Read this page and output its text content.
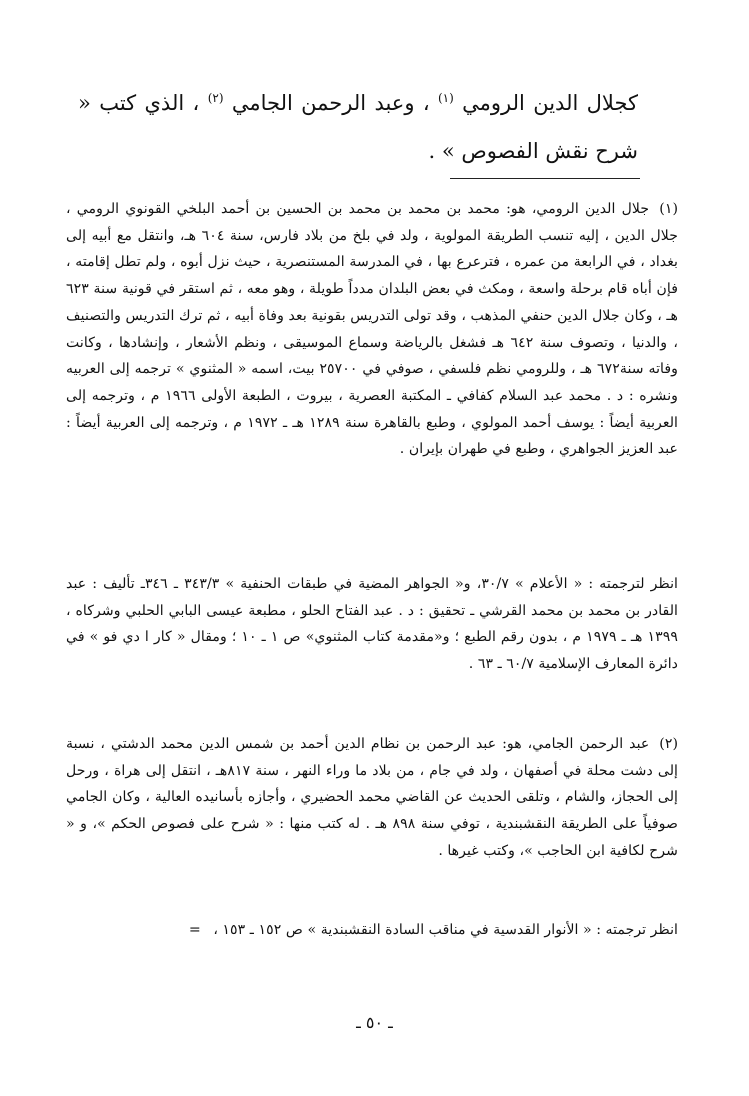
كجلال الدين الرومي $^{(١)}$ ، وعبد الرحمن الجامي $^{(٢)}$ ، الذي كتب « شرح نقش الفصوص » .
(١) جلال الدين الرومي، هو: محمد بن محمد بن محمد بن الحسين بن أحمد البلخي القونوي الرومي ، جلال الدين ، إليه تنسب الطريقة المولوية ، ولد في بلخ من بلاد فارس، سنة ٦٠٤ هـ، وانتقل مع أبيه إلى بغداد ، في الرابعة من عمره ، فترعرع بها ، في المدرسة المستنصرية ، حيث نزل أبوه ، ولم تطل إقامته ، فإن أباه قام برحلة واسعة ، ومكث في بعض البلدان مدداً طويلة ، وهو معه ، ثم استقر في قونية سنة ٦٢٣ هـ ، وكان جلال الدين حنفي المذهب ، وقد تولى التدريس بقونية بعد وفاة أبيه ، ثم ترك التدريس والتصنيف ، والدنيا ، وتصوف سنة ٦٤٢ هـ فشغل بالرياضة وسماع الموسيقى ، ونظم الأشعار ، وإنشادها ، وكانت وفاته سنة٦٧٢ هـ ، وللرومي نظم فلسفي ، صوفي في ٢٥٧٠٠ بيت، اسمه « المثنوي » ترجمه إلى العربيه ونشره : د . محمد عبد السلام كفافي ـ المكتبة العصرية ، بيروت ، الطبعة الأولى ١٩٦٦ م ، وترجمه إلى العربية أيضاً : يوسف أحمد المولوي ، وطبع بالقاهرة سنة ١٢٨٩ هـ ـ ١٩٧٢ م ، وترجمه إلى العربية أيضاً : عبد العزيز الجواهري ، وطبع في طهران بإيران .
انظر لترجمته : « الأعلام » ٣٠/٧، و« الجواهر المضية في طبقات الحنفية » ٣٤٣/٣ ـ ٣٤٦ـ تأليف : عبد القادر بن محمد بن محمد القرشي ـ تحقيق : د . عبد الفتاح الحلو ، مطبعة عيسى البابي الحلبي وشركاه ، ١٣٩٩ هـ ـ ١٩٧٩ م ، بدون رقم الطبع ؛ و«مقدمة كتاب المثنوي» ص ١ ـ ١٠ ؛ ومقال « كار ا دي فو » في دائرة المعارف الإسلامية ٦٠/٧ ـ ٦٣ .
(٢) عبد الرحمن الجامي، هو: عبد الرحمن بن نظام الدين أحمد بن شمس الدين محمد الدشتي ، نسبة إلى دشت محلة في أصفهان ، ولد في جام ، من بلاد ما وراء النهر ، سنة ٨١٧هـ ، انتقل إلى هراة ، ورحل إلى الحجاز، والشام ، وتلقى الحديث عن القاضي محمد الحضيري ، وأجازه بأسانيده العالية ، وكان الجامي صوفياً على الطريقة النقشبندية ، توفي سنة ٨٩٨ هـ . له كتب منها : « شرح على فصوص الحكم »، و « شرح لكافية ابن الحاجب »، وكتب غيرها .
انظر ترجمته : « الأنوار القدسية في مناقب السادة النقشبندية » ص ١٥٢ ـ ١٥٣ ، =
ـ ٥٠ ـ
